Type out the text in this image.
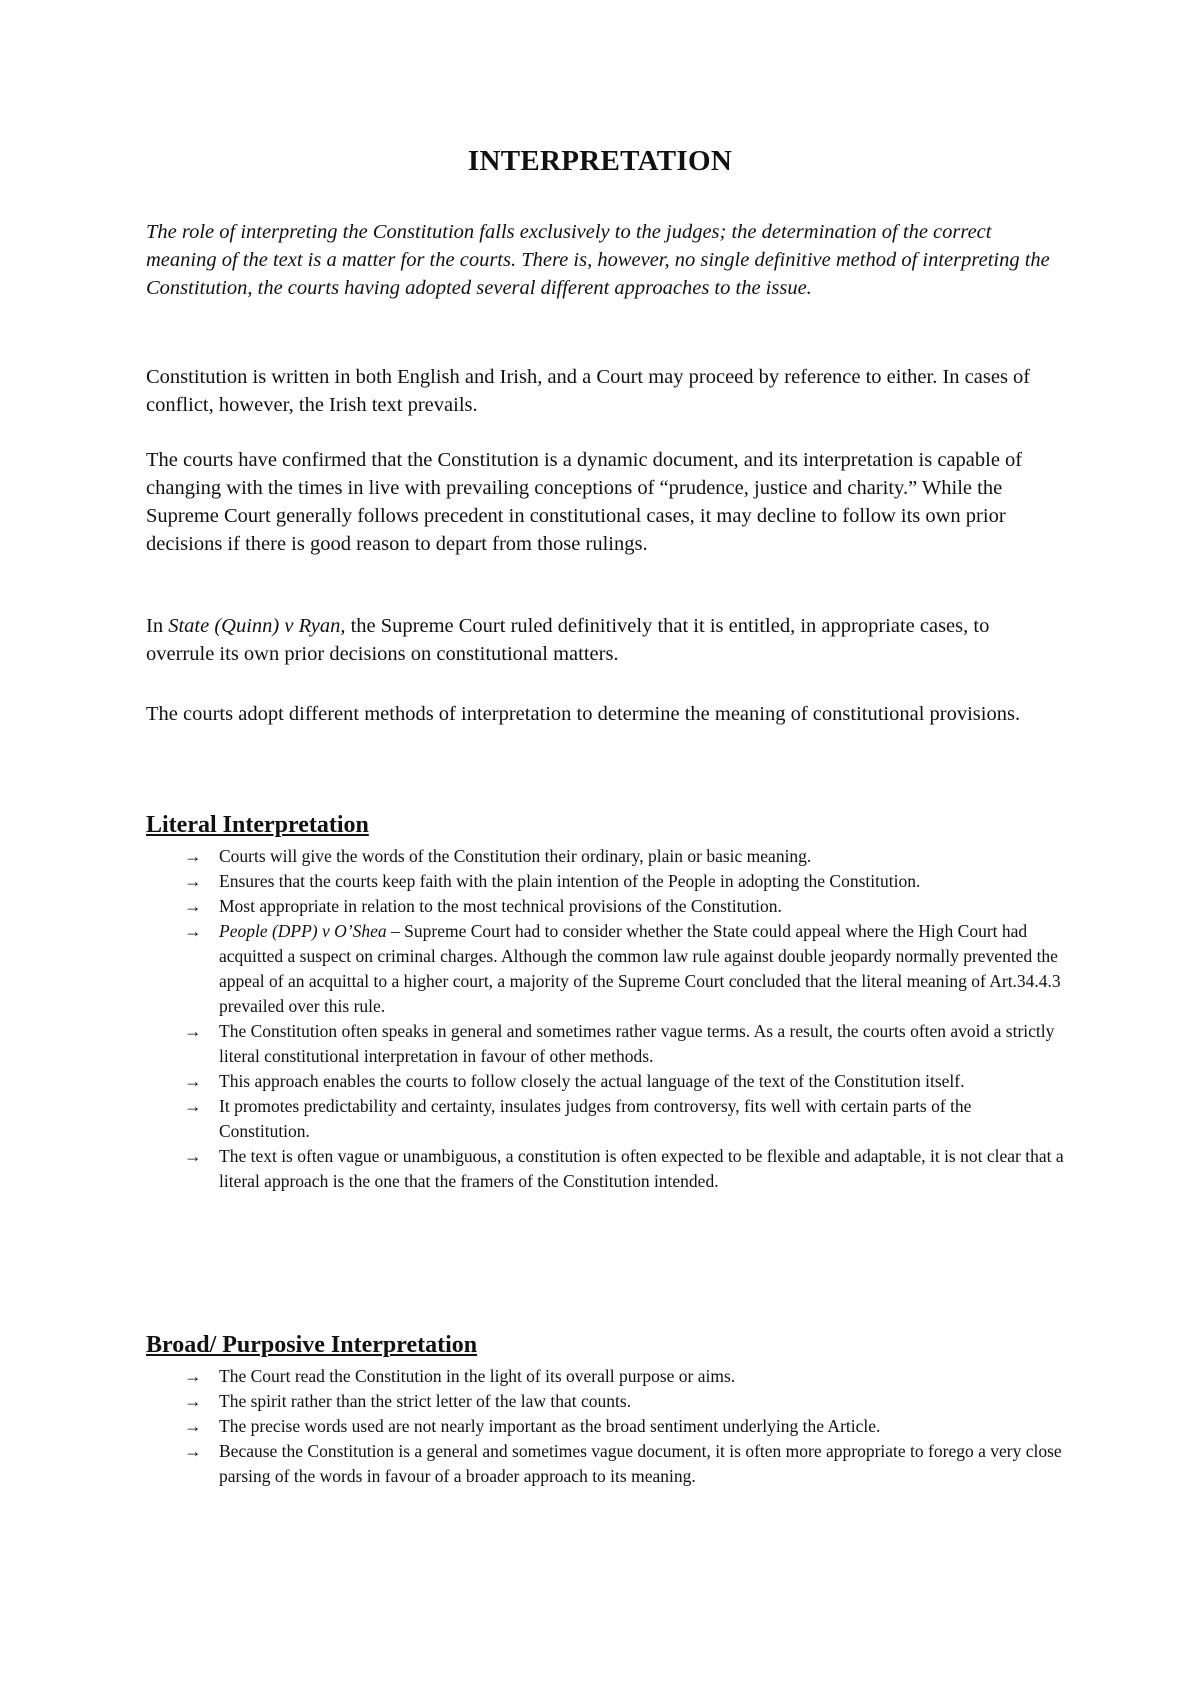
INTERPRETATION

The role of interpreting the Constitution falls exclusively to the judges; the determination of the correct meaning of the text is a matter for the courts. There is, however, no single definitive method of interpreting the Constitution, the courts having adopted several different approaches to the issue.

Constitution is written in both English and Irish, and a Court may proceed by reference to either. In cases of conflict, however, the Irish text prevails.

The courts have confirmed that the Constitution is a dynamic document, and its interpretation is capable of changing with the times in live with prevailing conceptions of “prudence, justice and charity.” While the Supreme Court generally follows precedent in constitutional cases, it may decline to follow its own prior decisions if there is good reason to depart from those rulings.

In State (Quinn) v Ryan, the Supreme Court ruled definitively that it is entitled, in appropriate cases, to overrule its own prior decisions on constitutional matters.

The courts adopt different methods of interpretation to determine the meaning of constitutional provisions.

Literal Interpretation
→ Courts will give the words of the Constitution their ordinary, plain or basic meaning.
→ Ensures that the courts keep faith with the plain intention of the People in adopting the Constitution.
→ Most appropriate in relation to the most technical provisions of the Constitution.
→ People (DPP) v O’Shea – Supreme Court had to consider whether the State could appeal where the High Court had acquitted a suspect on criminal charges. Although the common law rule against double jeopardy normally prevented the appeal of an acquittal to a higher court, a majority of the Supreme Court concluded that the literal meaning of Art.34.4.3 prevailed over this rule.
→ The Constitution often speaks in general and sometimes rather vague terms. As a result, the courts often avoid a strictly literal constitutional interpretation in favour of other methods.
→ This approach enables the courts to follow closely the actual language of the text of the Constitution itself.
→ It promotes predictability and certainty, insulates judges from controversy, fits well with certain parts of the Constitution.
→ The text is often vague or unambiguous, a constitution is often expected to be flexible and adaptable, it is not clear that a literal approach is the one that the framers of the Constitution intended.
Broad/ Purposive Interpretation
→ The Court read the Constitution in the light of its overall purpose or aims.
→ The spirit rather than the strict letter of the law that counts.
→ The precise words used are not nearly important as the broad sentiment underlying the Article.
→ Because the Constitution is a general and sometimes vague document, it is often more appropriate to forego a very close parsing of the words in favour of a broader approach to its meaning.
